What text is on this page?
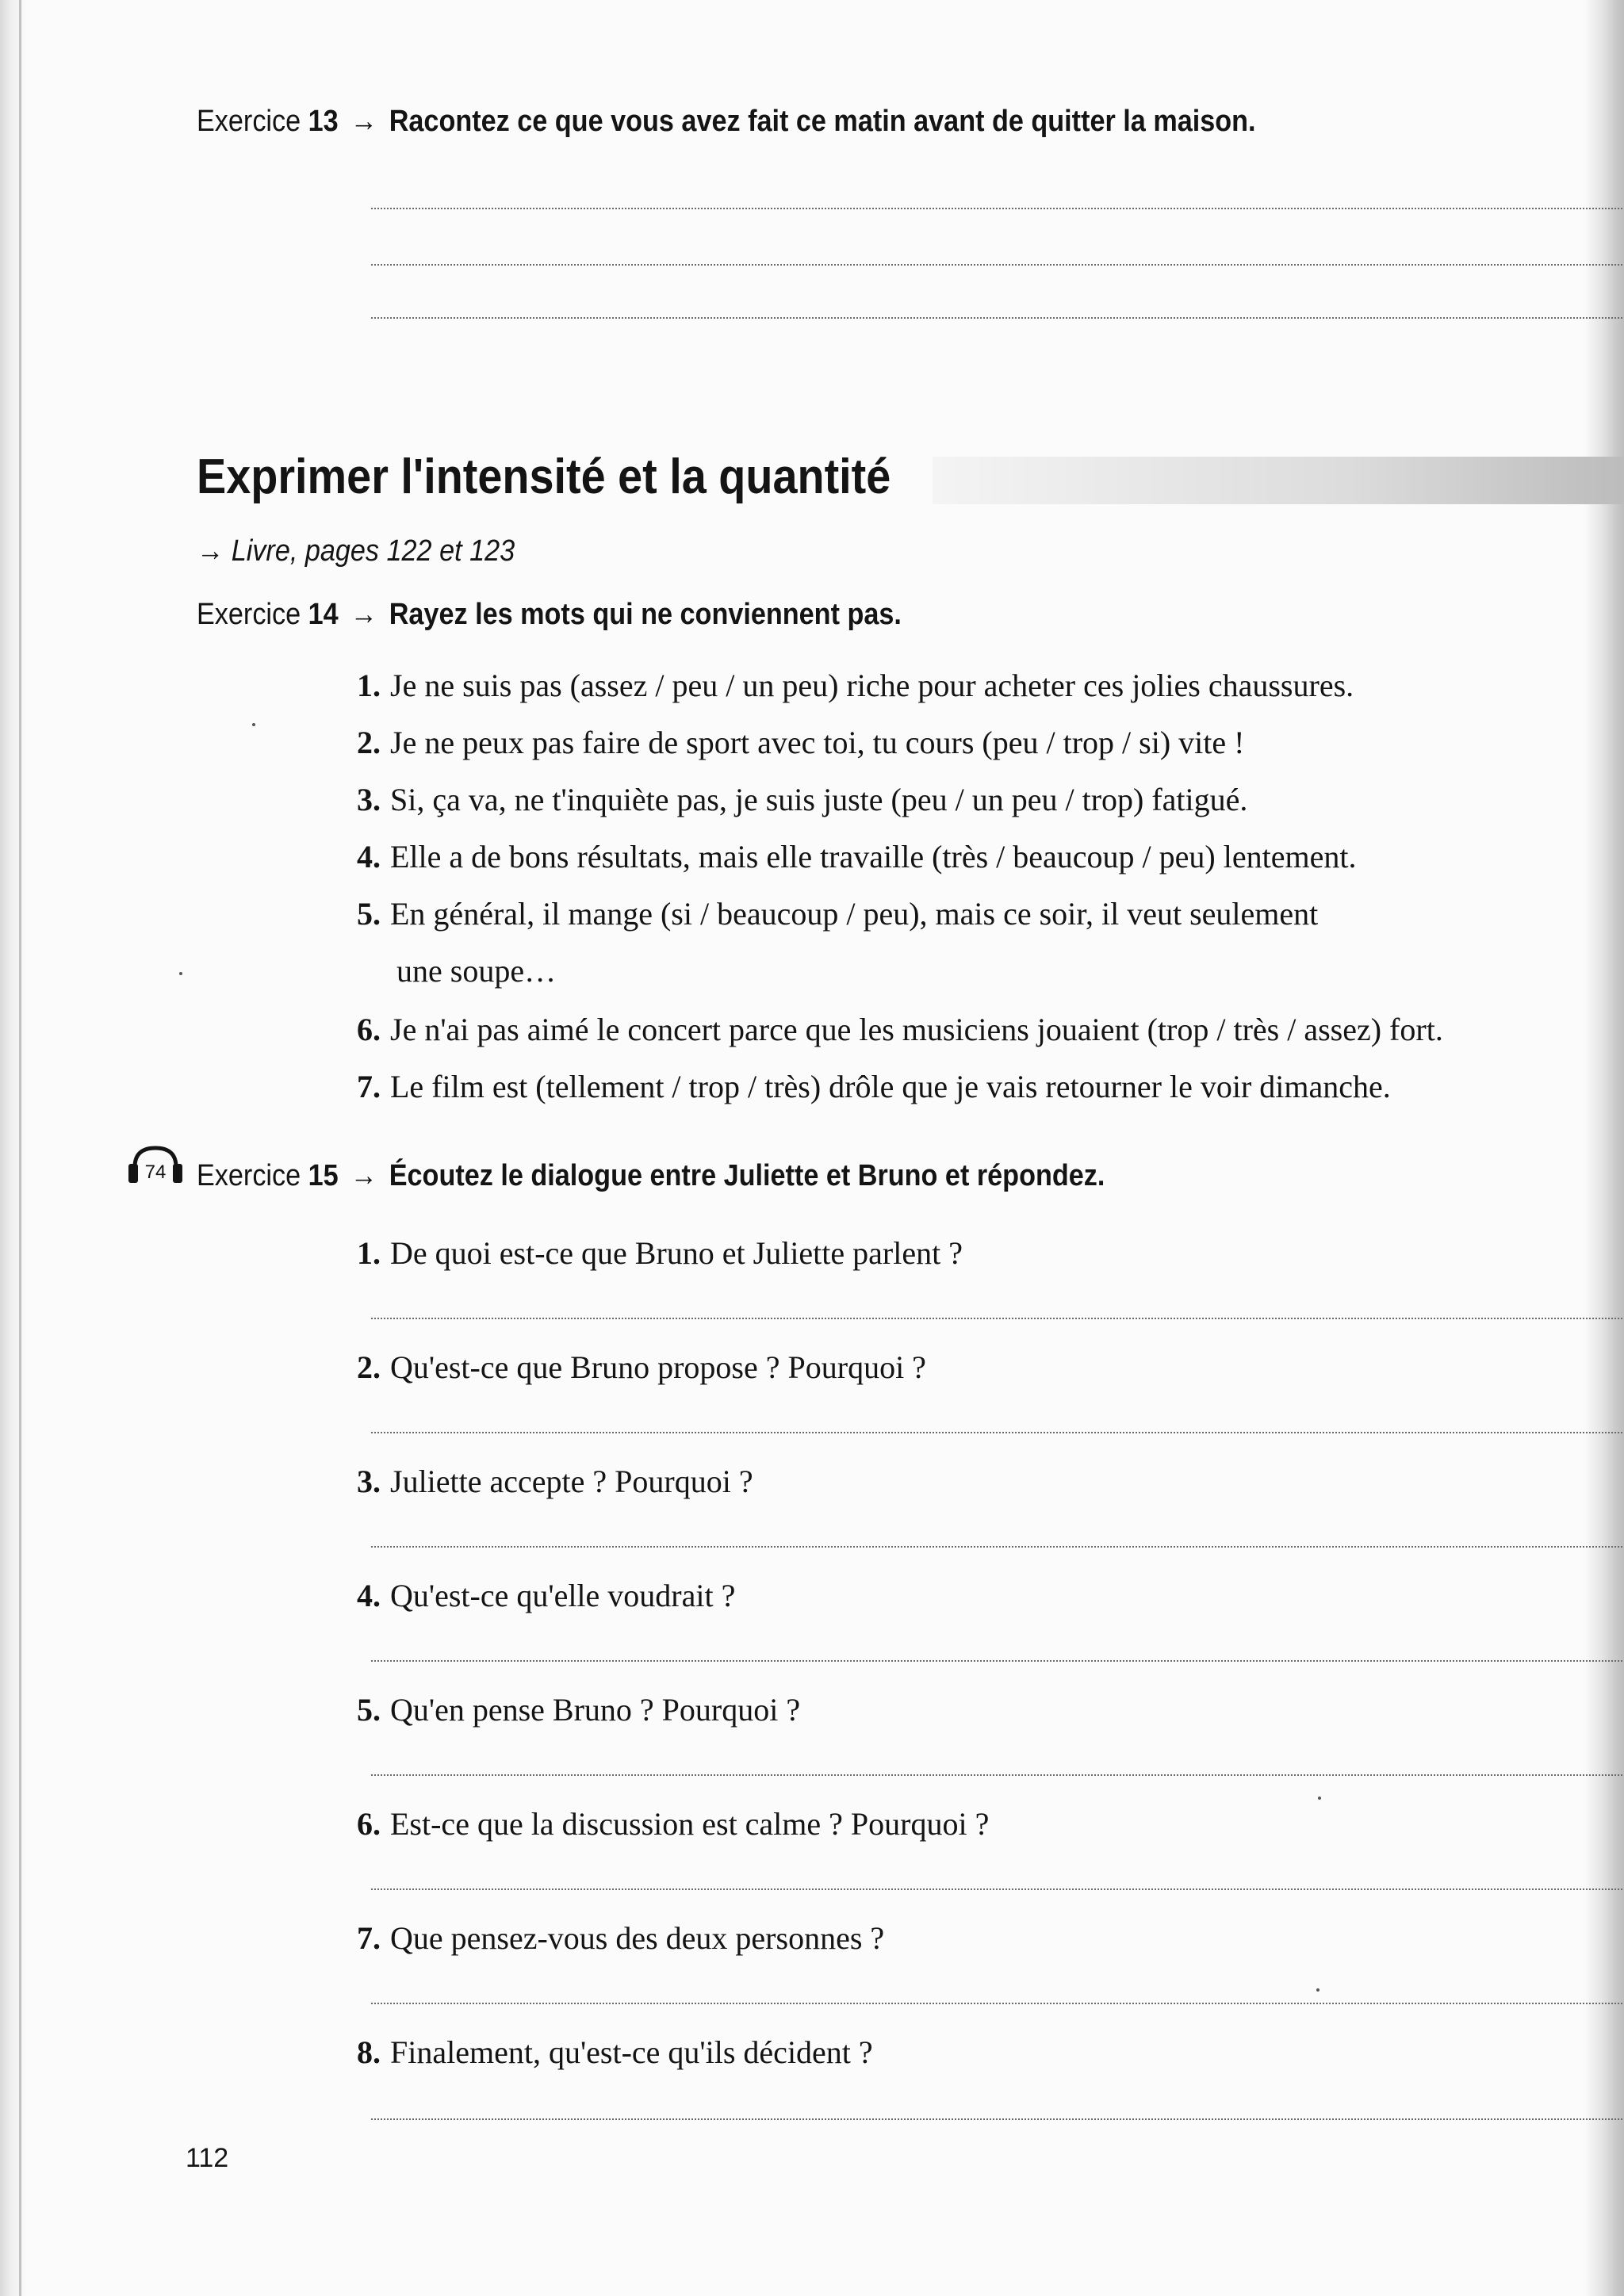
Exercice 13 → Racontez ce que vous avez fait ce matin avant de quitter la maison.
Exprimer l'intensité et la quantité
→ Livre, pages 122 et 123
Exercice 14 → Rayez les mots qui ne conviennent pas.
1. Je ne suis pas (assez / peu / un peu) riche pour acheter ces jolies chaussures.
2. Je ne peux pas faire de sport avec toi, tu cours (peu / trop / si) vite !
3. Si, ça va, ne t'inquiète pas, je suis juste (peu / un peu / trop) fatigué.
4. Elle a de bons résultats, mais elle travaille (très / beaucoup / peu) lentement.
5. En général, il mange (si / beaucoup / peu), mais ce soir, il veut seulement
une soupe…
6. Je n'ai pas aimé le concert parce que les musiciens jouaient (trop / très / assez) fort.
7. Le film est (tellement / trop / très) drôle que je vais retourner le voir dimanche.
74 Exercice 15 → Écoutez le dialogue entre Juliette et Bruno et répondez.
1. De quoi est-ce que Bruno et Juliette parlent ?
2. Qu'est-ce que Bruno propose ? Pourquoi ?
3. Juliette accepte ? Pourquoi ?
4. Qu'est-ce qu'elle voudrait ?
5. Qu'en pense Bruno ? Pourquoi ?
6. Est-ce que la discussion est calme ? Pourquoi ?
7. Que pensez-vous des deux personnes ?
8. Finalement, qu'est-ce qu'ils décident ?
112
